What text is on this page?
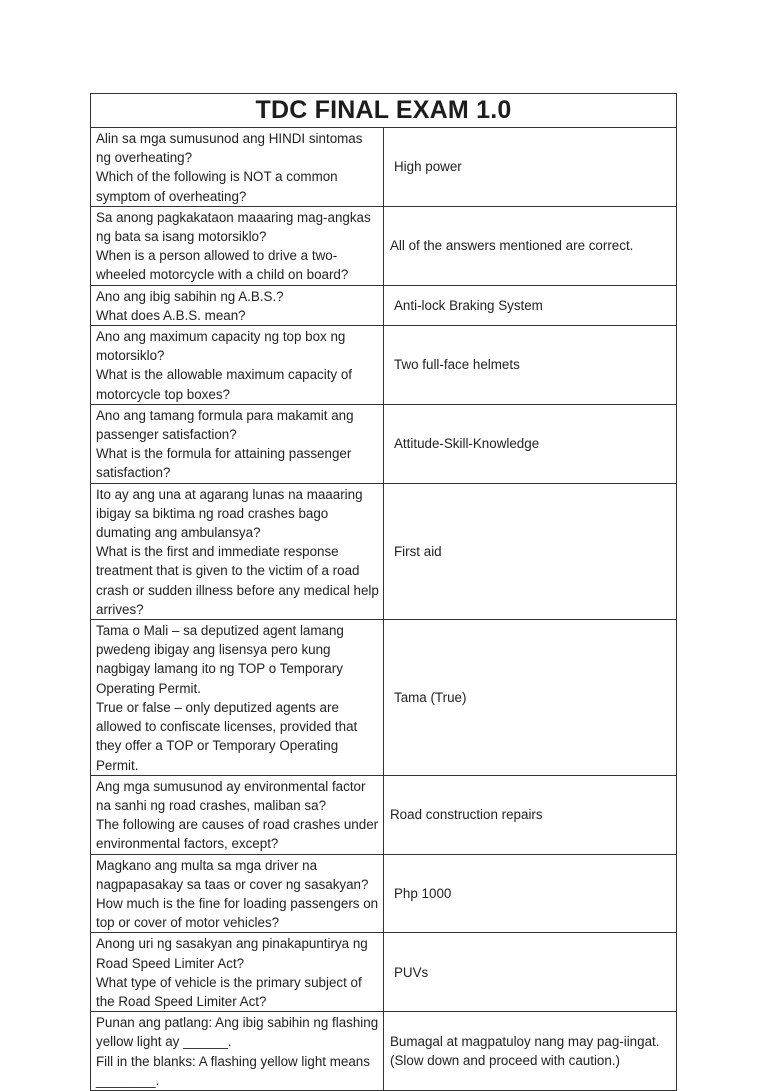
TDC FINAL EXAM 1.0	
Alin sa mga sumusunod ang HINDI sintomas ng overheating?
Which of the following is NOT a common symptom of overheating?	High power
Sa anong pagkakataon maaaring mag-angkas ng bata sa isang motorsiklo?
When is a person allowed to drive a two-wheeled motorcycle with a child on board?	All of the answers mentioned are correct.
Ano ang ibig sabihin ng A.B.S.?
What does A.B.S. mean?	Anti-lock Braking System
Ano ang maximum capacity ng top box ng motorsiklo?
What is the allowable maximum capacity of motorcycle top boxes?	Two full-face helmets
Ano ang tamang formula para makamit ang passenger satisfaction?
What is the formula for attaining passenger satisfaction?	Attitude-Skill-Knowledge
Ito ay ang una at agarang lunas na maaaring ibigay sa biktima ng road crashes bago dumating ang ambulansya?
What is the first and immediate response treatment that is given to the victim of a road crash or sudden illness before any medical help arrives?	First aid
Tama o Mali – sa deputized agent lamang pwedeng ibigay ang lisensya pero kung nagbigay lamang ito ng TOP o Temporary Operating Permit.
True or false – only deputized agents are allowed to confiscate licenses, provided that they offer a TOP or Temporary Operating Permit.	Tama (True)
Ang mga sumusunod ay environmental factor na sanhi ng road crashes, maliban sa?
The following are causes of road crashes under environmental factors, except?	Road construction repairs
Magkano ang multa sa mga driver na nagpapasakay sa taas or cover ng sasakyan?
How much is the fine for loading passengers on top or cover of motor vehicles?	Php 1000
Anong uri ng sasakyan ang pinakapuntirya ng Road Speed Limiter Act?
What type of vehicle is the primary subject of the Road Speed Limiter Act?	PUVs
Punan ang patlang: Ang ibig sabihin ng flashing yellow light ay ______.
Fill in the blanks: A flashing yellow light means ________.	Bumagal at magpatuloy nang may pag-iingat. (Slow down and proceed with caution.)
